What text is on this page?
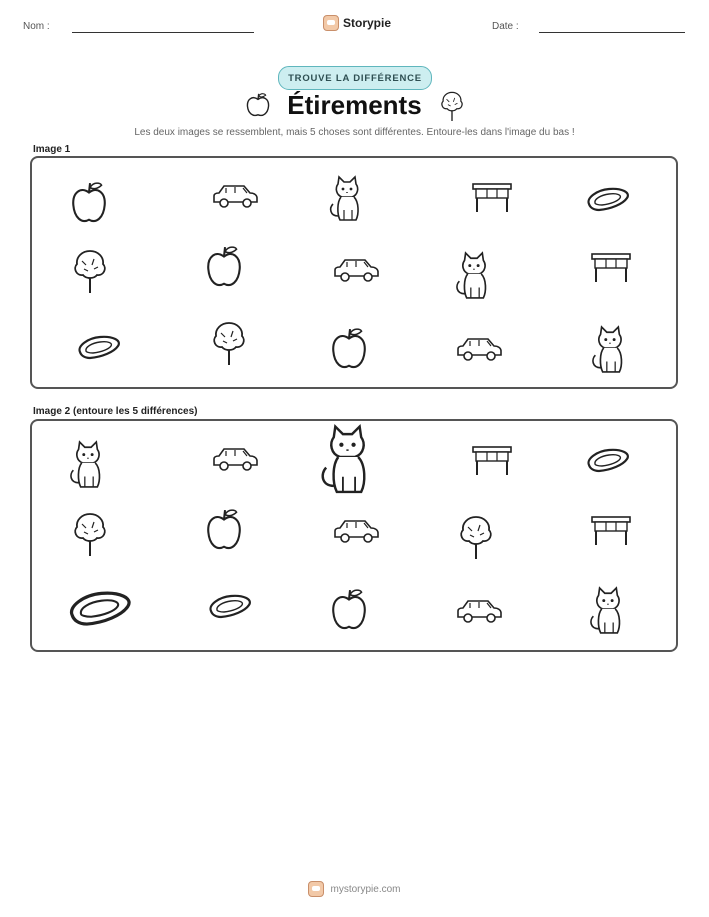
Nom :	Storypie	Date :
TROUVE LA DIFFÉRENCE
Étirements
Les deux images se ressemblent, mais 5 choses sont différentes. Entoure-les dans l'image du bas !
Image 1
Image 2 (entoure les 5 différences)
mystorypie.com
